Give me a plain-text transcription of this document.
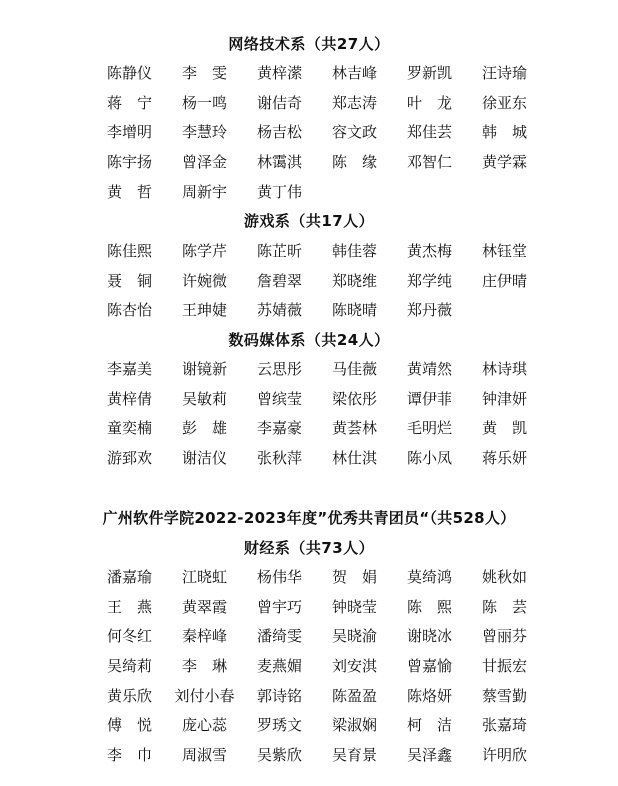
网络技术系（共27人）
陈静仪	李　雯	黄梓潆	林吉峰	罗新凯	汪诗瑜
蒋　宁	杨一鸣	谢佶奇	郑志涛	叶　龙	徐亚东
李增明	李慧玲	杨吉松	容文政	郑佳芸	韩　城
陈宇扬	曾泽金	林霭淇	陈　缘	邓智仁	黄学霖
黄　哲	周新宇	黄丁伟
游戏系（共17人）
陈佳熙	陈学芹	陈芷昕	韩佳蓉	黄杰梅	林钰堂
聂　铜	许婉微	詹碧翠	郑晓维	郑学纯	庄伊晴
陈杏怡	王珅婕	苏婧薇	陈晓晴	郑丹薇
数码媒体系（共24人）
李嘉美	谢镜新	云思彤	马佳薇	黄靖然	林诗琪
黄梓倩	吴敏莉	曾缤莹	梁依彤	谭伊菲	钟津妍
童奕楠	彭　雄	李嘉豪	黄荟林	毛明烂	黄　凯
游郅欢	谢洁仪	张秋萍	林仕淇	陈小凤	蒋乐妍
广州软件学院2022-2023年度”优秀共青团员“（共528人）
财经系（共73人）
潘嘉瑜	江晓虹	杨伟华	贺　娟	莫绮鸿	姚秋如
王　燕	黄翠霞	曾宇巧	钟晓莹	陈　熙	陈　芸
何冬红	秦梓峰	潘绮雯	吴晓渝	谢晓冰	曾丽芬
吴绮莉	李　琳	麦燕媚	刘安淇	曾嘉愉	甘振宏
黄乐欣	刘付小春	郭诗铭	陈盈盈	陈烙妍	蔡雪勤
傅　悦	庞心蕊	罗琇文	梁淑娴	柯　洁	张嘉琦
李　巾	周淑雪	吴紫欣	吴育景	吴泽鑫	许明欣
